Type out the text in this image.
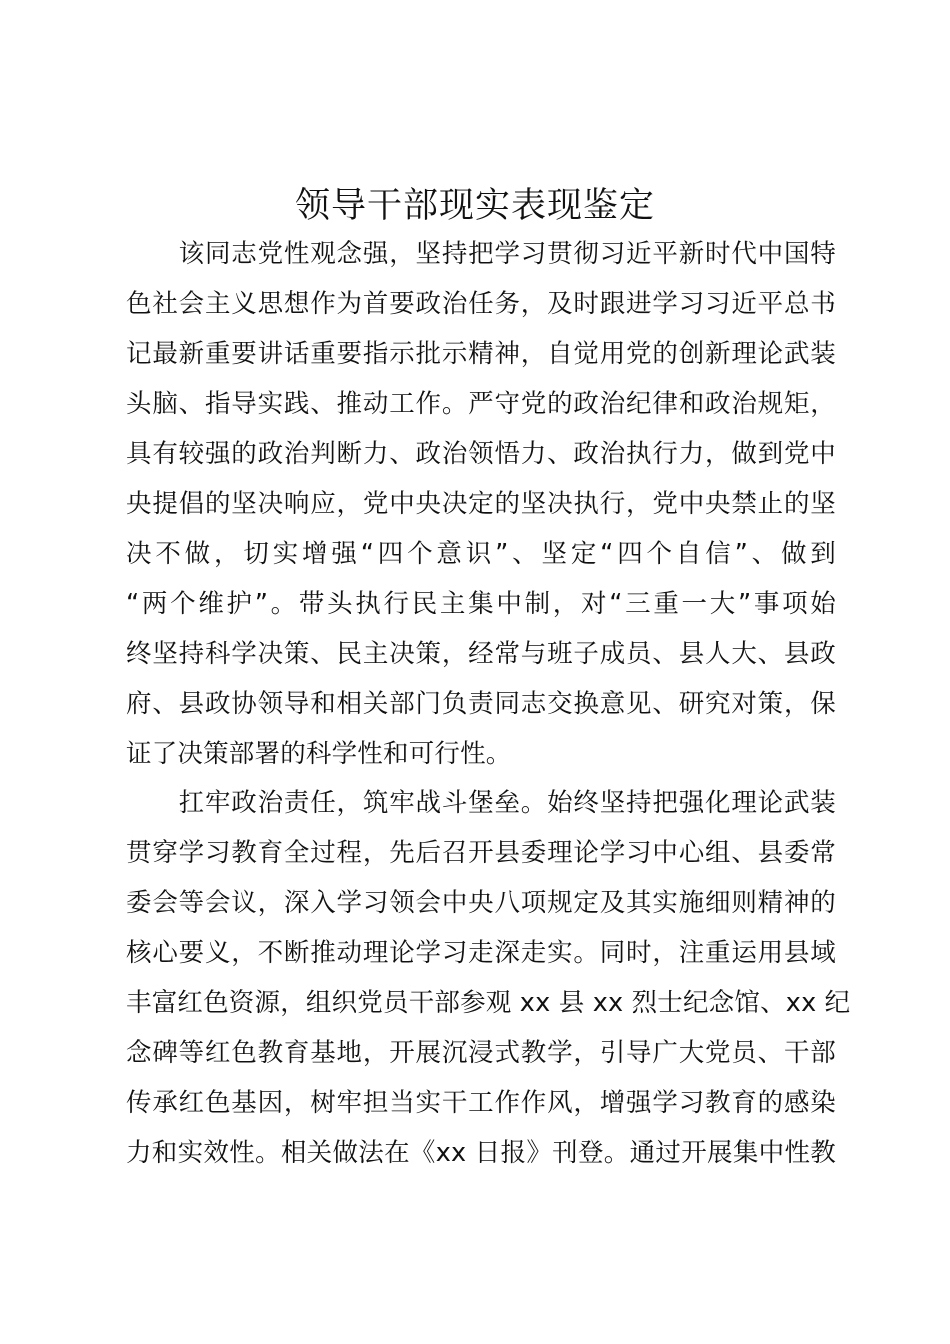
领导干部现实表现鉴定
　　该同志党性观念强，坚持把学习贯彻习近平新时代中国特
色社会主义思想作为首要政治任务，及时跟进学习习近平总书
记最新重要讲话重要指示批示精神，自觉用党的创新理论武装
头脑、指导实践、推动工作。严守党的政治纪律和政治规矩，
具有较强的政治判断力、政治领悟力、政治执行力，做到党中
央提倡的坚决响应，党中央决定的坚决执行，党中央禁止的坚
决不做，切实增强“四个意识”、坚定“四个自信”、做到
“两个维护”。带头执行民主集中制，对“三重一大”事项始
终坚持科学决策、民主决策，经常与班子成员、县人大、县政
府、县政协领导和相关部门负责同志交换意见、研究对策，保
证了决策部署的科学性和可行性。
　　扛牢政治责任，筑牢战斗堡垒。始终坚持把强化理论武装
贯穿学习教育全过程，先后召开县委理论学习中心组、县委常
委会等会议，深入学习领会中央八项规定及其实施细则精神的
核心要义，不断推动理论学习走深走实。同时，注重运用县域
丰富红色资源，组织党员干部参观 xx 县 xx 烈士纪念馆、xx 纪
念碑等红色教育基地，开展沉浸式教学，引导广大党员、干部
传承红色基因，树牢担当实干工作作风，增强学习教育的感染
力和实效性。相关做法在《xx 日报》刊登。通过开展集中性教
